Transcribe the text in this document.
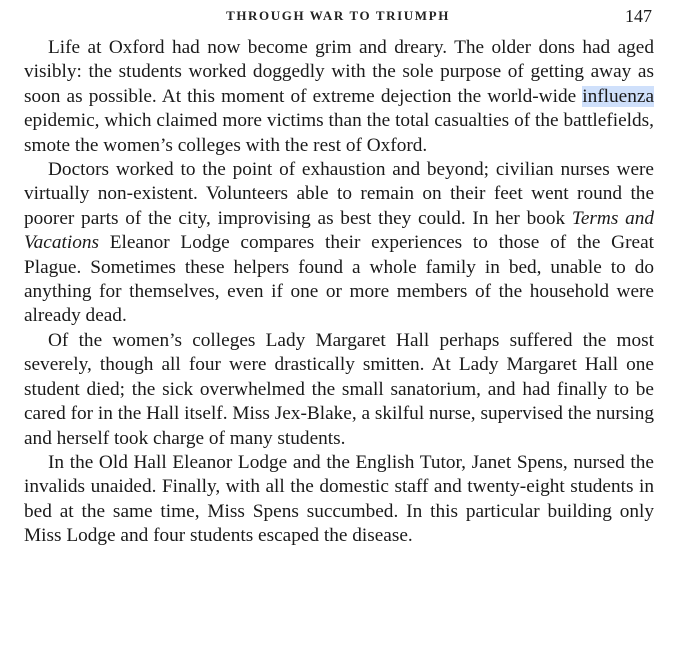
THROUGH WAR TO TRIUMPH	147

Life at Oxford had now become grim and dreary. The older dons had aged visibly: the students worked doggedly with the sole purpose of getting away as soon as possible. At this moment of extreme dejection the world-wide influenza epidemic, which claimed more victims than the total casualties of the battlefields, smote the women’s colleges with the rest of Oxford.

Doctors worked to the point of exhaustion and beyond; civilian nurses were virtually non-existent. Volunteers able to remain on their feet went round the poorer parts of the city, improvising as best they could. In her book Terms and Vacations Eleanor Lodge compares their experiences to those of the Great Plague. Sometimes these helpers found a whole family in bed, unable to do anything for themselves, even if one or more members of the household were already dead.

Of the women’s colleges Lady Margaret Hall perhaps suffered the most severely, though all four were drastically smitten. At Lady Margaret Hall one student died; the sick overwhelmed the small sanatorium, and had finally to be cared for in the Hall itself. Miss Jex-Blake, a skilful nurse, supervised the nursing and herself took charge of many students.

In the Old Hall Eleanor Lodge and the English Tutor, Janet Spens, nursed the invalids unaided. Finally, with all the domestic staff and twenty-eight students in bed at the same time, Miss Spens succumbed. In this particular building only Miss Lodge and four students escaped the disease.
